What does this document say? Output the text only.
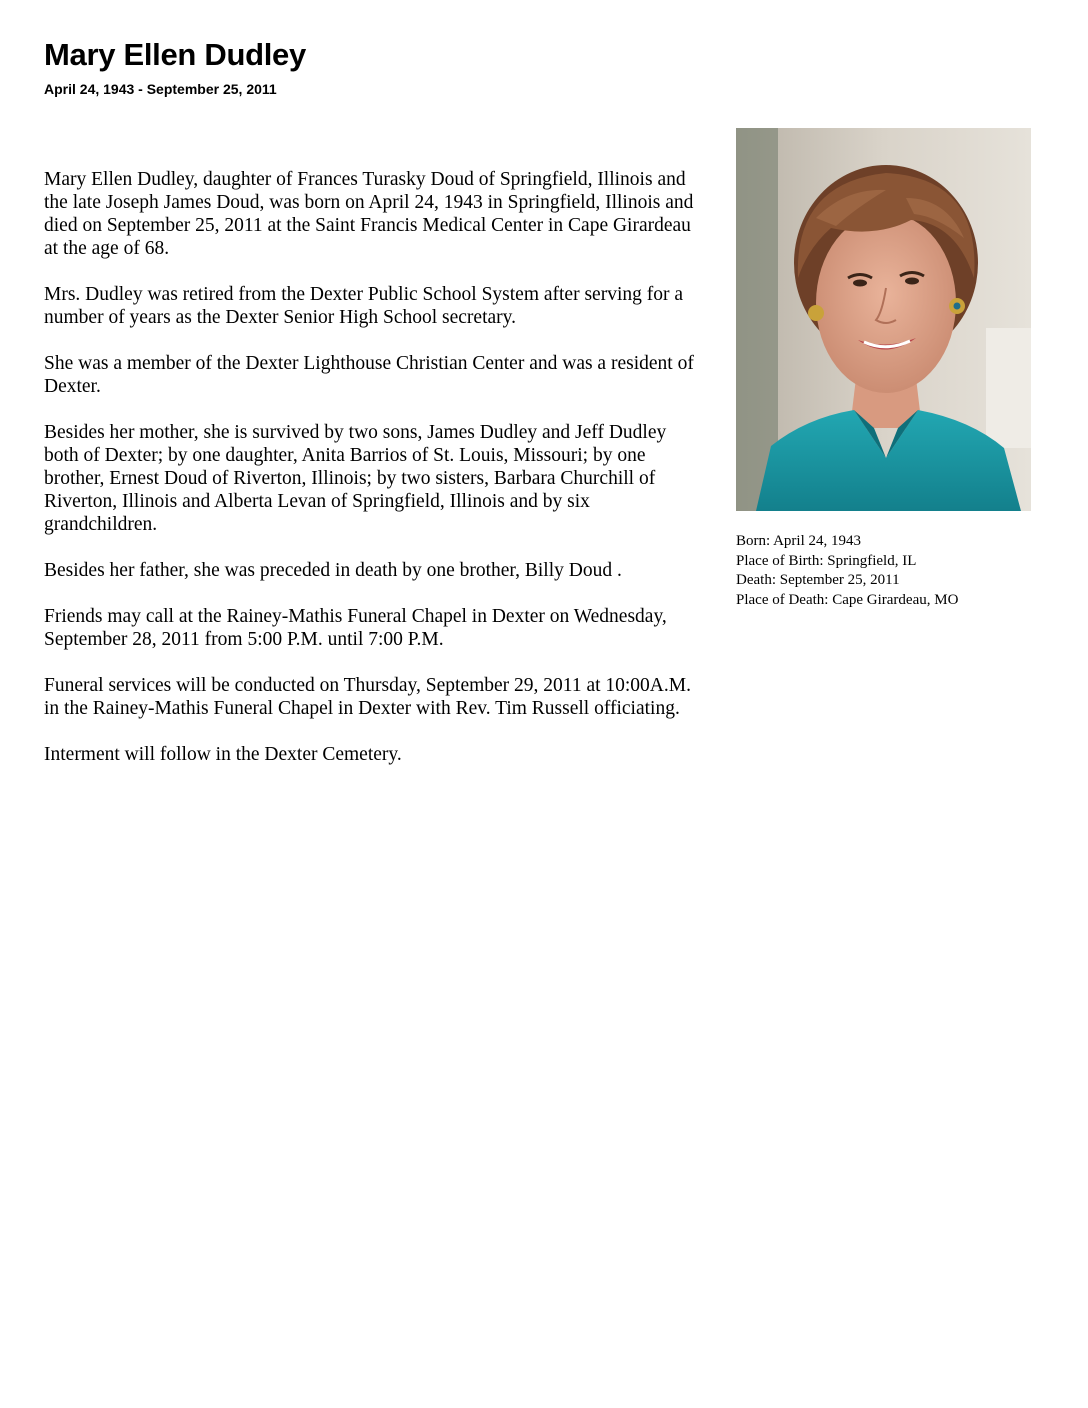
Mary Ellen Dudley
April 24, 1943 - September 25, 2011

Mary Ellen Dudley, daughter of Frances Turasky Doud of Springfield, Illinois and the late Joseph James Doud, was born on April 24, 1943 in Springfield, Illinois and died on September 25, 2011 at the Saint Francis Medical Center in Cape Girardeau at the age of 68.

Mrs. Dudley was retired from the Dexter Public School System after serving for a number of years as the Dexter Senior High School secretary.

She was a member of the Dexter Lighthouse Christian Center and was a resident of Dexter.

Besides her mother, she is survived by two sons, James Dudley and Jeff Dudley both of Dexter; by one daughter, Anita Barrios of St. Louis, Missouri; by one brother, Ernest Doud of Riverton, Illinois; by two sisters, Barbara Churchill of Riverton, Illinois and Alberta Levan of Springfield, Illinois and by six grandchildren.

Besides her father, she was preceded in death by one brother, Billy Doud .

Friends may call at the Rainey-Mathis Funeral Chapel in Dexter on Wednesday, September 28, 2011 from 5:00 P.M. until 7:00 P.M.

Funeral services will be conducted on Thursday, September 29, 2011 at 10:00A.M. in the Rainey-Mathis Funeral Chapel in Dexter with Rev. Tim Russell officiating.

Interment will follow in the Dexter Cemetery.

Born: April 24, 1943
Place of Birth: Springfield, IL
Death: September 25, 2011
Place of Death: Cape Girardeau, MO
